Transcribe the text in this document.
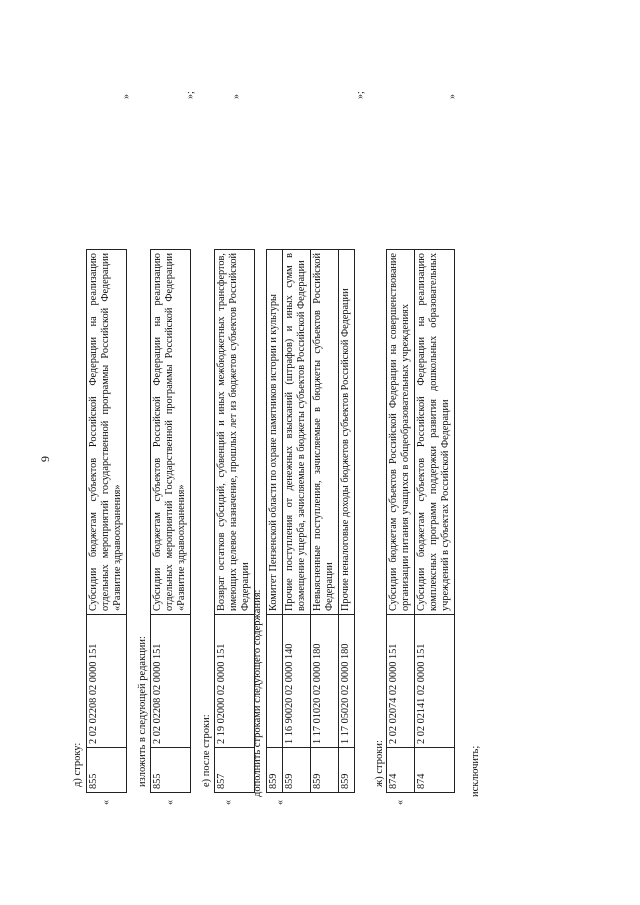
9
д) строку:
«
855	2 02 02208 02 0000 151	Субсидии бюджетам субъектов Российской Федерации на реализацию отдельных мероприятий государственной программы Российской Федерации «Развитие здравоохранения»
»
изложить в следующей редакции:
«
855	2 02 02208 02 0000 151	Субсидии бюджетам субъектов Российской Федерации на реализацию отдельных мероприятий Государственной программы Российской Федерации «Развитие здравоохранения»
»;
е) после строки:
«
857	2 19 02000 02 0000 151	Возврат остатков субсидий, субвенций и иных межбюджетных трансфертов, имеющих целевое назначение, прошлых лет из бюджетов субъектов Российской Федерации
»
дополнить строками следующего содержания:
«
859		Комитет Пензенской области по охране памятников истории и культуры
859	1 16 90020 02 0000 140	Прочие поступления от денежных взысканий (штрафов) и иных сумм в возмещение ущерба, зачисляемые в бюджеты субъектов Российской Федерации
859	1 17 01020 02 0000 180	Невыясненные поступления, зачисляемые в бюджеты субъектов Российской Федерации
859	1 17 05020 02 0000 180	Прочие неналоговые доходы бюджетов субъектов Российской Федерации
»;
ж) строки:
«
874	2 02 02074 02 0000 151	Субсидии бюджетам субъектов Российской Федерации на совершенствование организации питания учащихся в общеобразовательных учреждениях
874	2 02 02141 02 0000 151	Субсидии бюджетам субъектов Российской Федерации на реализацию комплексных программ поддержки развития дошкольных образовательных учреждений в субъектах Российской Федерации
»
исключить;
